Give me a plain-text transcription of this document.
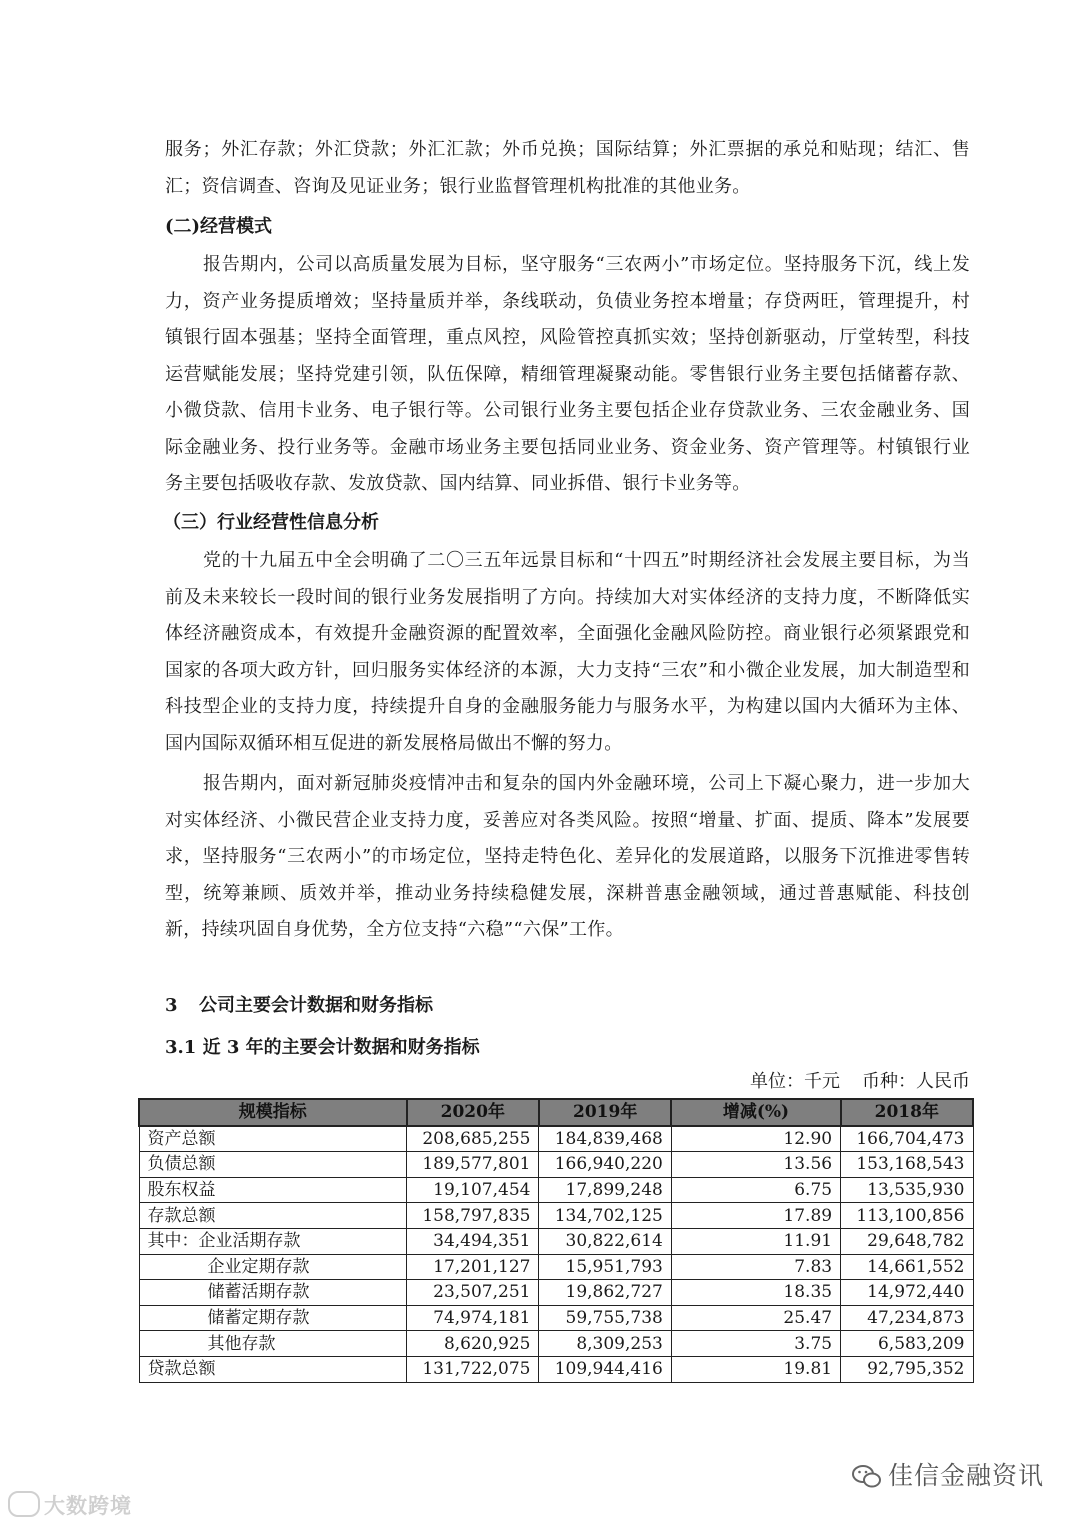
服务；外汇存款；外汇贷款；外汇汇款；外币兑换；国际结算；外汇票据的承兑和贴现；结汇、售汇；资信调查、咨询及见证业务；银行业监督管理机构批准的其他业务。
(二)经营模式
报告期内，公司以高质量发展为目标，坚守服务“三农两小”市场定位。坚持服务下沉，线上发力，资产业务提质增效；坚持量质并举，条线联动，负债业务控本增量；存贷两旺，管理提升，村镇银行固本强基；坚持全面管理，重点风控，风险管控真抓实效；坚持创新驱动，厅堂转型，科技运营赋能发展；坚持党建引领，队伍保障，精细管理凝聚动能。零售银行业务主要包括储蓄存款、小微贷款、信用卡业务、电子银行等。公司银行业务主要包括企业存贷款业务、三农金融业务、国际金融业务、投行业务等。金融市场业务主要包括同业业务、资金业务、资产管理等。村镇银行业务主要包括吸收存款、发放贷款、国内结算、同业拆借、银行卡业务等。
（三）行业经营性信息分析
党的十九届五中全会明确了二〇三五年远景目标和“十四五”时期经济社会发展主要目标，为当前及未来较长一段时间的银行业务发展指明了方向。持续加大对实体经济的支持力度，不断降低实体经济融资成本，有效提升金融资源的配置效率，全面强化金融风险防控。商业银行必须紧跟党和国家的各项大政方针，回归服务实体经济的本源，大力支持“三农”和小微企业发展，加大制造型和科技型企业的支持力度，持续提升自身的金融服务能力与服务水平，为构建以国内大循环为主体、国内国际双循环相互促进的新发展格局做出不懈的努力。
报告期内，面对新冠肺炎疫情冲击和复杂的国内外金融环境，公司上下凝心聚力，进一步加大对实体经济、小微民营企业支持力度，妥善应对各类风险。按照“增量、扩面、提质、降本”发展要求，坚持服务“三农两小”的市场定位，坚持走特色化、差异化的发展道路，以服务下沉推进零售转型，统筹兼顾、质效并举，推动业务持续稳健发展，深耕普惠金融领域，通过普惠赋能、科技创新，持续巩固自身优势，全方位支持“六稳”“六保”工作。
3 公司主要会计数据和财务指标
3.1 近 3 年的主要会计数据和财务指标
单位：千元 币种：人民币
规模指标	2020年	2019年	增减(%)	2018年
资产总额	208,685,255	184,839,468	12.90	166,704,473
负债总额	189,577,801	166,940,220	13.56	153,168,543
股东权益	19,107,454	17,899,248	6.75	13,535,930
存款总额	158,797,835	134,702,125	17.89	113,100,856
其中：企业活期存款	34,494,351	30,822,614	11.91	29,648,782
企业定期存款	17,201,127	15,951,793	7.83	14,661,552
储蓄活期存款	23,507,251	19,862,727	18.35	14,972,440
储蓄定期存款	74,974,181	59,755,738	25.47	47,234,873
其他存款	8,620,925	8,309,253	3.75	6,583,209
贷款总额	131,722,075	109,944,416	19.81	92,795,352
大数跨境
佳信金融资讯
